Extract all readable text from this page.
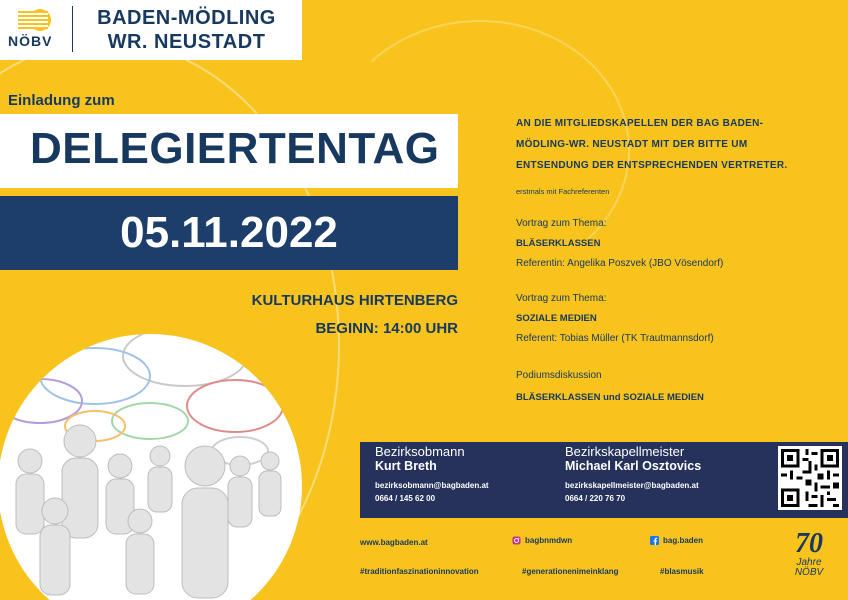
NÖBV
BADEN-MÖDLING
WR. NEUSTADT
Einladung zum
DELEGIERTENTAG
05.11.2022
KULTURHAUS HIRTENBERG
BEGINN: 14:00 UHR
AN DIE MITGLIEDSKAPELLEN DER BAG BADEN-
MÖDLING-WR. NEUSTADT MIT DER BITTE UM
ENTSENDUNG DER ENTSPRECHENDEN VERTRETER.
erstmals mit Fachreferenten
Vortrag zum Thema:
BLÄSERKLASSEN
Referentin: Angelika Poszvek (JBO Vösendorf)
Vortrag zum Thema:
SOZIALE MEDIEN
Referent: Tobias Müller (TK Trautmannsdorf)
Podiumsdiskussion
BLÄSERKLASSEN und SOZIALE MEDIEN
Bezirksobmann
Kurt Breth
bezirksobmann@bagbaden.at
0664 / 145 62 00
Bezirkskapellmeister
Michael Karl Osztovics
bezirkskapellmeister@bagbaden.at
0664 / 220 76 70
www.bagbaden.at	bagbnmdwn	bag.baden
#traditionfaszinationinnovation	#generationenimeinklang	#blasmusik
70
Jahre
NÖBV
